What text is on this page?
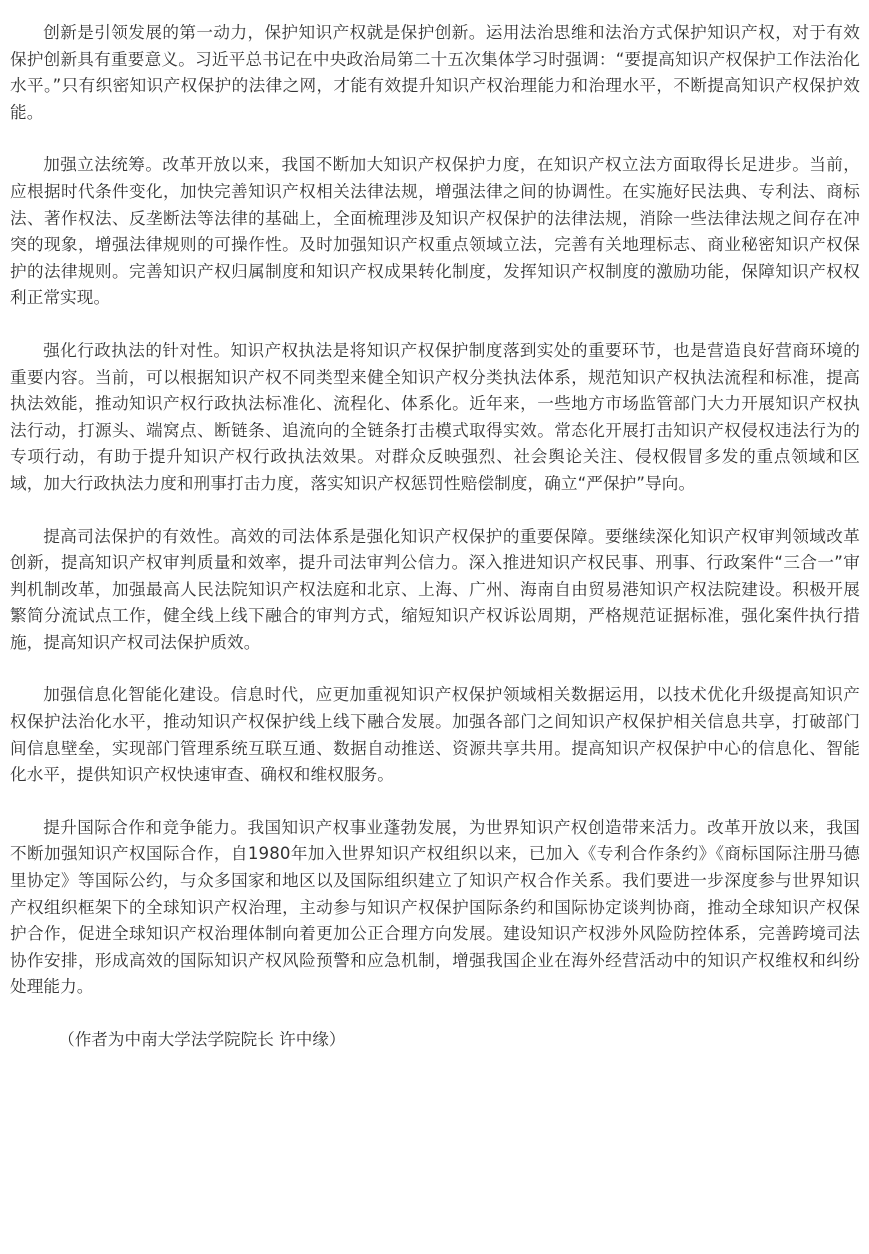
创新是引领发展的第一动力，保护知识产权就是保护创新。运用法治思维和法治方式保护知识产权，对于有效保护创新具有重要意义。习近平总书记在中央政治局第二十五次集体学习时强调：“要提高知识产权保护工作法治化水平。”只有织密知识产权保护的法律之网，才能有效提升知识产权治理能力和治理水平，不断提高知识产权保护效能。

加强立法统筹。改革开放以来，我国不断加大知识产权保护力度，在知识产权立法方面取得长足进步。当前，应根据时代条件变化，加快完善知识产权相关法律法规，增强法律之间的协调性。在实施好民法典、专利法、商标法、著作权法、反垄断法等法律的基础上，全面梳理涉及知识产权保护的法律法规，消除一些法律法规之间存在冲突的现象，增强法律规则的可操作性。及时加强知识产权重点领域立法，完善有关地理标志、商业秘密知识产权保护的法律规则。完善知识产权归属制度和知识产权成果转化制度，发挥知识产权制度的激励功能，保障知识产权权利正常实现。

强化行政执法的针对性。知识产权执法是将知识产权保护制度落到实处的重要环节，也是营造良好营商环境的重要内容。当前，可以根据知识产权不同类型来健全知识产权分类执法体系，规范知识产权执法流程和标准，提高执法效能，推动知识产权行政执法标准化、流程化、体系化。近年来，一些地方市场监管部门大力开展知识产权执法行动，打源头、端窝点、断链条、追流向的全链条打击模式取得实效。常态化开展打击知识产权侵权违法行为的专项行动，有助于提升知识产权行政执法效果。对群众反映强烈、社会舆论关注、侵权假冒多发的重点领域和区域，加大行政执法力度和刑事打击力度，落实知识产权惩罚性赔偿制度，确立“严保护”导向。

提高司法保护的有效性。高效的司法体系是强化知识产权保护的重要保障。要继续深化知识产权审判领域改革创新，提高知识产权审判质量和效率，提升司法审判公信力。深入推进知识产权民事、刑事、行政案件“三合一”审判机制改革，加强最高人民法院知识产权法庭和北京、上海、广州、海南自由贸易港知识产权法院建设。积极开展繁简分流试点工作，健全线上线下融合的审判方式，缩短知识产权诉讼周期，严格规范证据标准，强化案件执行措施，提高知识产权司法保护质效。

加强信息化智能化建设。信息时代，应更加重视知识产权保护领域相关数据运用，以技术优化升级提高知识产权保护法治化水平，推动知识产权保护线上线下融合发展。加强各部门之间知识产权保护相关信息共享，打破部门间信息壁垒，实现部门管理系统互联互通、数据自动推送、资源共享共用。提高知识产权保护中心的信息化、智能化水平，提供知识产权快速审查、确权和维权服务。

提升国际合作和竞争能力。我国知识产权事业蓬勃发展，为世界知识产权创造带来活力。改革开放以来，我国不断加强知识产权国际合作，自1980年加入世界知识产权组织以来，已加入《专利合作条约》《商标国际注册马德里协定》等国际公约，与众多国家和地区以及国际组织建立了知识产权合作关系。我们要进一步深度参与世界知识产权组织框架下的全球知识产权治理，主动参与知识产权保护国际条约和国际协定谈判协商，推动全球知识产权保护合作，促进全球知识产权治理体制向着更加公正合理方向发展。建设知识产权涉外风险防控体系，完善跨境司法协作安排，形成高效的国际知识产权风险预警和应急机制，增强我国企业在海外经营活动中的知识产权维权和纠纷处理能力。

（作者为中南大学法学院院长 许中缘）
